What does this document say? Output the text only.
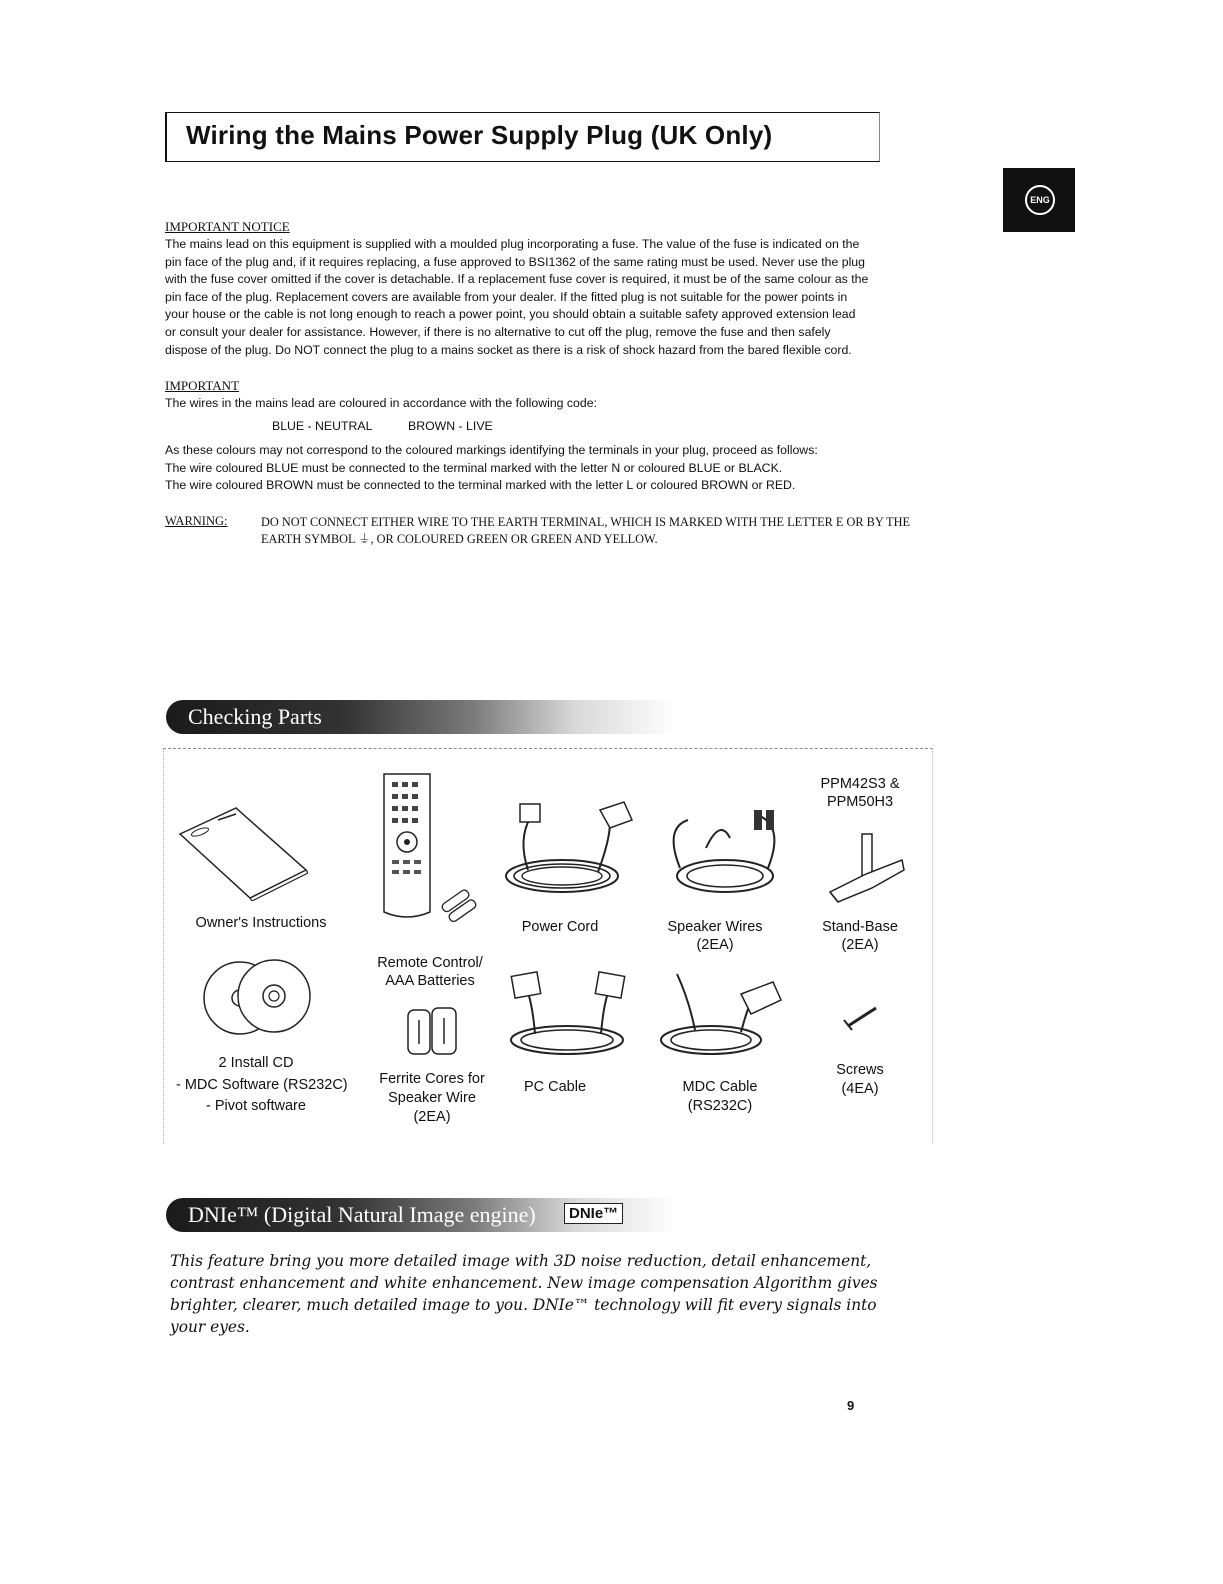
Wiring the Mains Power Supply Plug (UK Only)
ENG
IMPORTANT NOTICE
The mains lead on this equipment is supplied with a moulded plug incorporating a fuse. The value of the fuse is indicated on the
pin face of the plug and, if it requires replacing, a fuse approved to BSI1362 of the same rating must be used. Never use the plug
with the fuse cover omitted if the cover is detachable. If a replacement fuse cover is required, it must be of the same colour as the
pin face of the plug. Replacement covers are available from your dealer. If the fitted plug is not suitable for the power points in
your house or the cable is not long enough to reach a power point, you should obtain a suitable safety approved extension lead
or consult your dealer for assistance. However, if there is no alternative to cut off the plug, remove the fuse and then safely
dispose of the plug. Do NOT connect the plug to a mains socket as there is a risk of shock hazard from the bared flexible cord.
IMPORTANT
The wires in the mains lead are coloured in accordance with the following code:
BLUE - NEUTRAL	BROWN - LIVE
As these colours may not correspond to the coloured markings identifying the terminals in your plug, proceed as follows:
The wire coloured BLUE must be connected to the terminal marked with the letter N or coloured BLUE or BLACK.
The wire coloured BROWN must be connected to the terminal marked with the letter L or coloured BROWN or RED.
WARNING:	DO NOT CONNECT EITHER WIRE TO THE EARTH TERMINAL, WHICH IS MARKED WITH THE LETTER E OR BY THE EARTH SYMBOL ⏚, OR COLOURED GREEN OR GREEN AND YELLOW.
Checking Parts
Owner's Instructions
Remote Control/
AAA Batteries
Power Cord	Speaker Wires
(2EA)
PPM42S3 &
PPM50H3
Stand-Base
(2EA)
2 Install CD
- MDC Software (RS232C)
- Pivot software
Ferrite Cores for
Speaker Wire
(2EA)
PC Cable	MDC Cable
(RS232C)
Screws
(4EA)
DNIe™ (Digital Natural Image engine)	DNIe™
This feature bring you more detailed image with 3D noise reduction, detail enhancement, contrast enhancement and white enhancement. New image compensation Algorithm gives brighter, clearer, much detailed image to you. DNIe™ technology will fit every signals into your eyes.
9
